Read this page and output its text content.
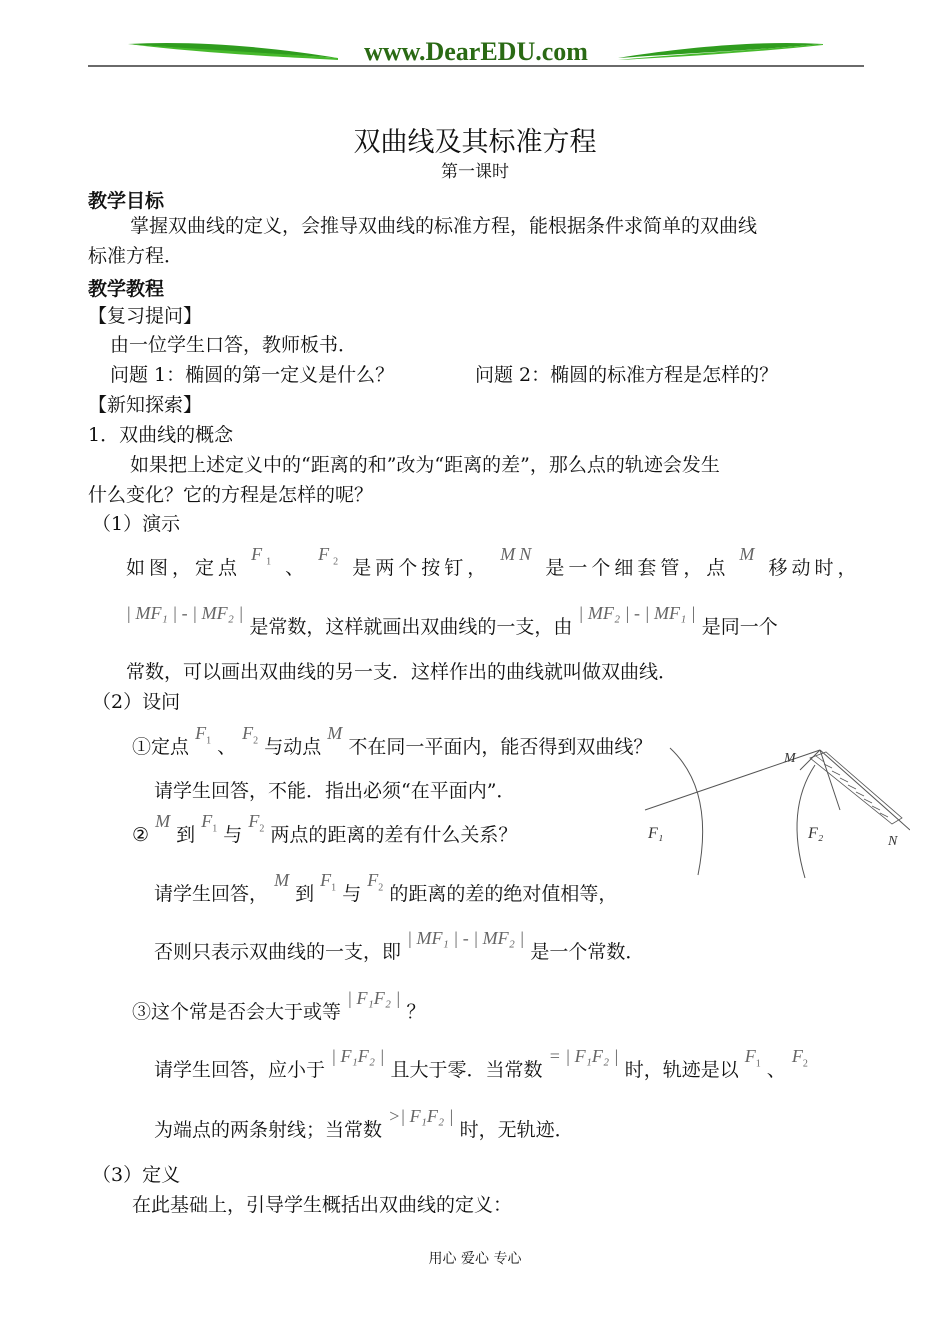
www.DearEDU.com
双曲线及其标准方程
第一课时
教学目标
掌握双曲线的定义，会推导双曲线的标准方程，能根据条件求简单的双曲线
标准方程．
教学教程
【复习提问】
由一位学生口答，教师板书．
问题 1：椭圆的第一定义是什么？	问题 2：椭圆的标准方程是怎样的？
【新知探索】
1．双曲线的概念
如果把上述定义中的“距离的和”改为“距离的差”，那么点的轨迹会发生
什么变化？它的方程是怎样的呢？
（1）演示
如图，定点 $F_1$ 、 $F_2$ 是两个按钉， MN 是一个细套管，点 M 移动时，
| MF₁ | - | MF₂ | 是常数，这样就画出双曲线的一支，由 | MF₂ | - | MF₁ | 是同一个
常数，可以画出双曲线的另一支．这样作出的曲线就叫做双曲线．
（2）设问
①定点 $F_1$ 、 $F_2$ 与动点 M 不在同一平面内，能否得到双曲线？
请学生回答，不能．指出必须“在平面内”．
② M 到 $F_1$ 与 $F_2$ 两点的距离的差有什么关系？
请学生回答， M 到 $F_1$ 与 $F_2$ 的距离的差的绝对值相等，
否则只表示双曲线的一支，即 | MF₁ | - | MF₂ | 是一个常数．
③这个常是否会大于或等 | F₁F₂ | ？
请学生回答，应小于 | F₁F₂ | 且大于零．当常数 = | F₁F₂ | 时，轨迹是以 $F_1$ 、 $F_2$
为端点的两条射线；当常数 >| F₁F₂ | 时，无轨迹．
（3）定义
在此基础上，引导学生概括出双曲线的定义：
M
F₁	F₂	N
用心 爱心 专心
